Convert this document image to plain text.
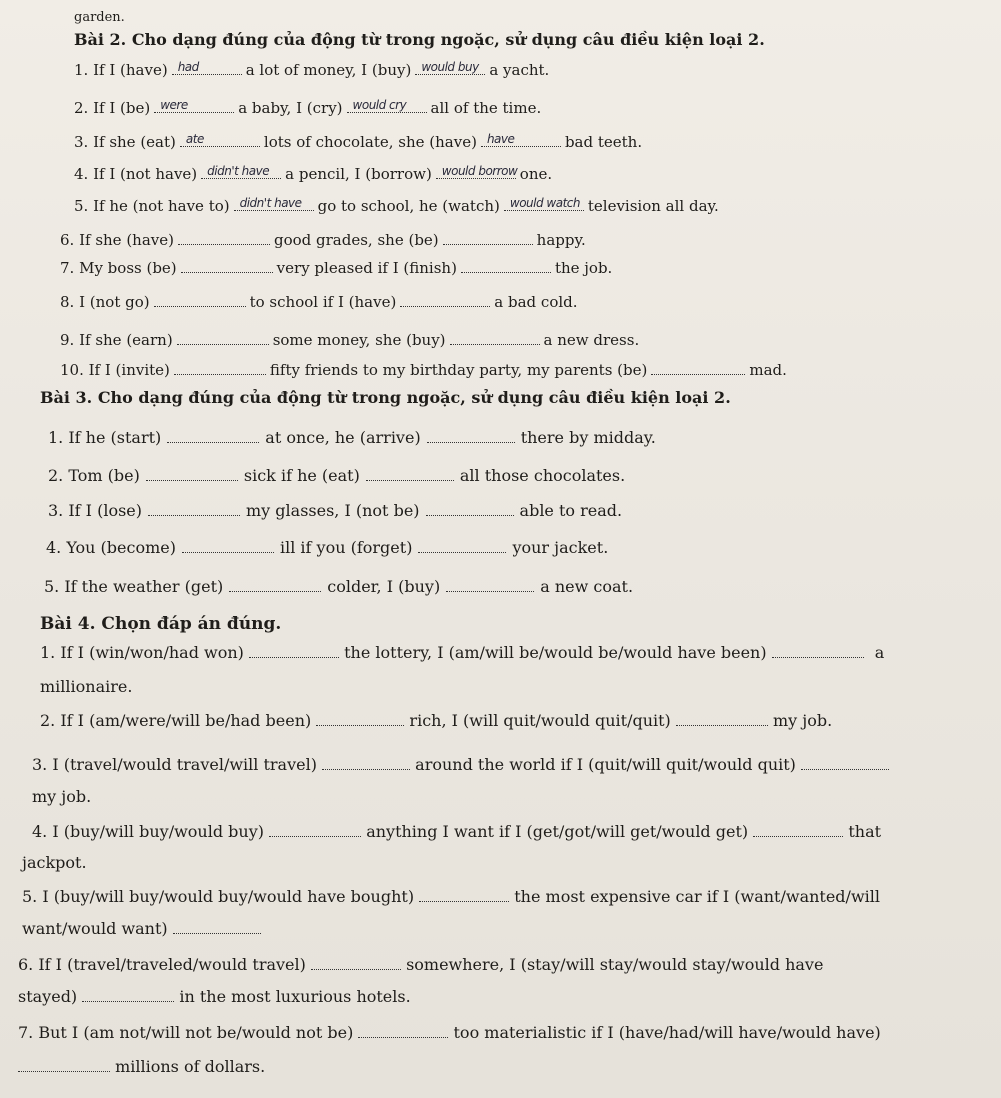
garden.
Bài 2. Cho dạng đúng của động từ trong ngoặc, sử dụng câu điều kiện loại 2.
1. If I (have) had	a lot of money, I (buy) would buy a yacht.
2. If I (be) were	a baby, I (cry) would cry all of the time.
3. If she (eat) ate	lots of chocolate, she (have) have	bad teeth.
4. If I (not have) didn't have a pencil, I (borrow) would borrow one.
5. If he (not have to) didn't have go to school, he (watch) would watch television all day.
6. If she (have)	good grades, she (be)	happy.
7. My boss (be)	very pleased if I (finish)	the job.
8. I (not go)	to school if I (have)	a bad cold.
9. If she (earn)	some money, she (buy)	a new dress.
10. If I (invite)	fifty friends to my birthday party, my parents (be)	mad.
Bài 3. Cho dạng đúng của động từ trong ngoặc, sử dụng câu điều kiện loại 2.
1. If he (start)	at once, he (arrive)	there by midday.
2. Tom (be)	sick if he (eat)	all those chocolates.
3. If I (lose)	my glasses, I (not be)	able to read.
4. You (become)	ill if you (forget)	your jacket.
5. If the weather (get)	colder, I (buy)	a new coat.
Bài 4. Chọn đáp án đúng.
1. If I (win/won/had won)	the lottery, I (am/will be/would be/would have been)	a
millionaire.
2. If I (am/were/will be/had been)	rich, I (will quit/would quit/quit)	my job.
3. I (travel/would travel/will travel)	around the world if I (quit/will quit/would quit)
my job.
4. I (buy/will buy/would buy)	anything I want if I (get/got/will get/would get)	that
jackpot.
5. I (buy/will buy/would buy/would have bought)	the most expensive car if I (want/wanted/will
want/would want)
6. If I (travel/traveled/would travel)	somewhere, I (stay/will stay/would stay/would have
stayed)	in the most luxurious hotels.
7. But I (am not/will not be/would not be)	too materialistic if I (have/had/will have/would have)
millions of dollars.
